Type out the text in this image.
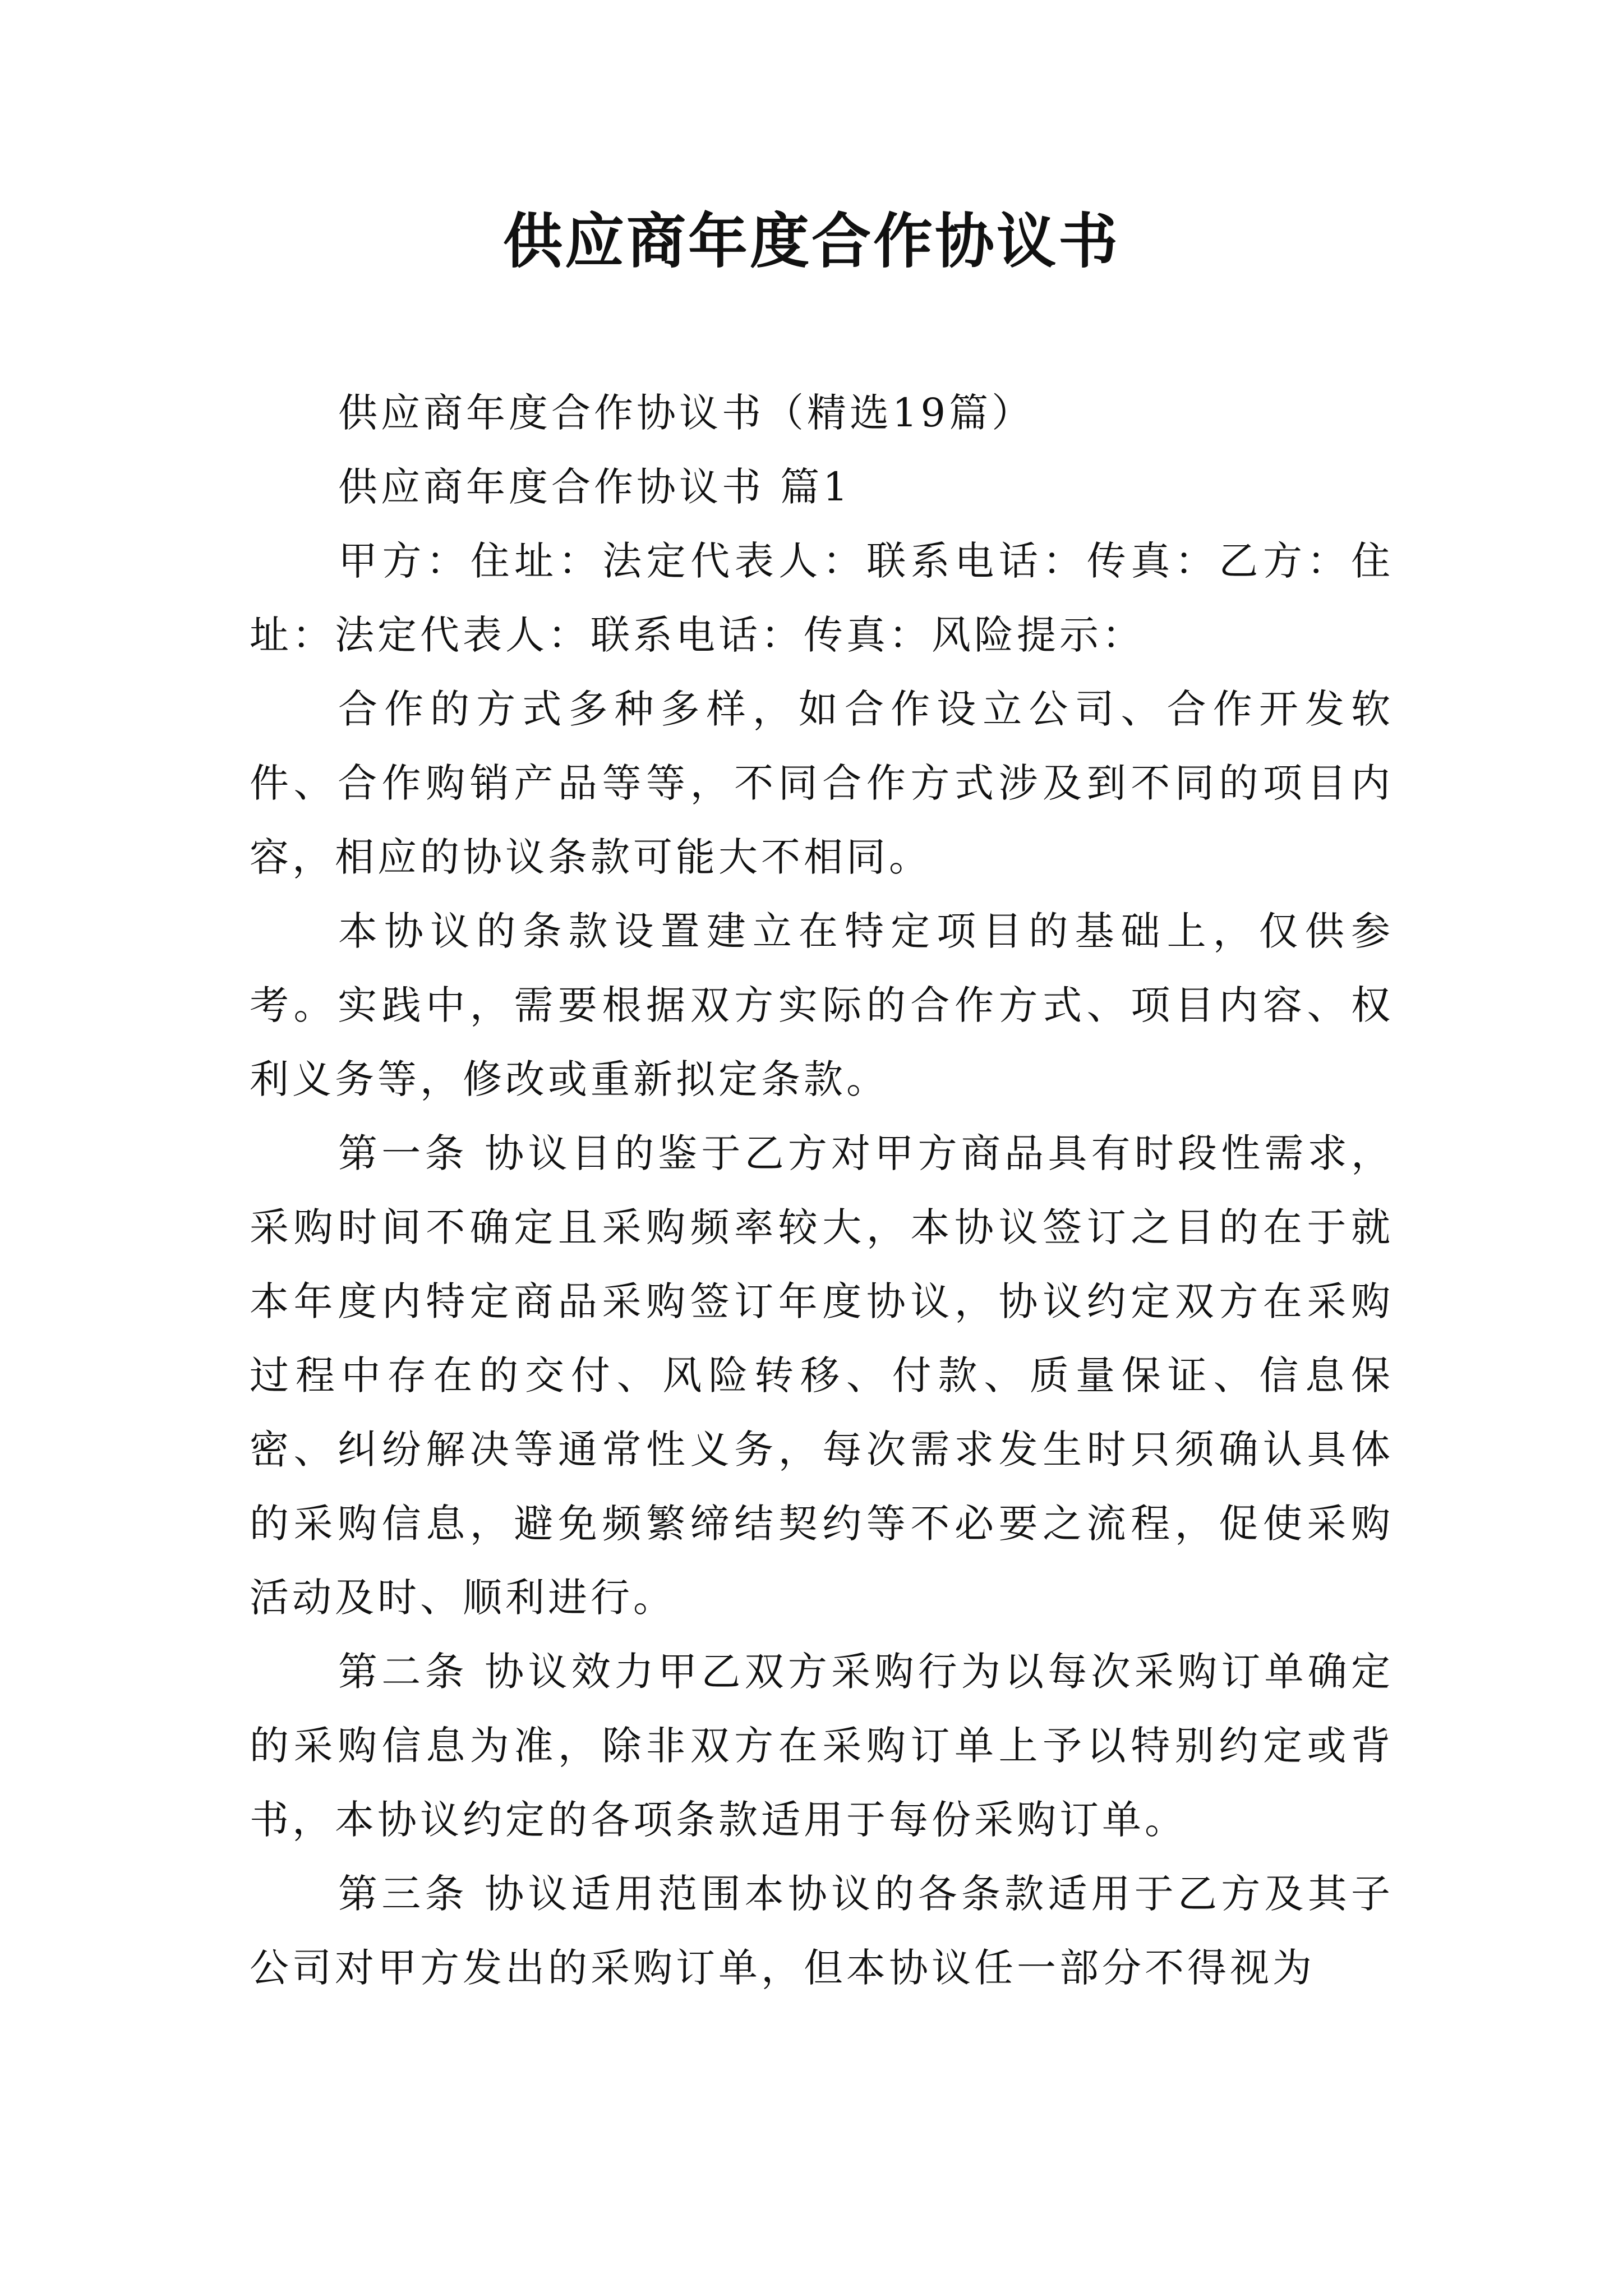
供应商年度合作协议书

供应商年度合作协议书（精选19篇）

供应商年度合作协议书 篇1

甲方：住址：法定代表人：联系电话：传真：乙方：住址：法定代表人：联系电话：传真：风险提示：

合作的方式多种多样，如合作设立公司、合作开发软件、合作购销产品等等，不同合作方式涉及到不同的项目内容，相应的协议条款可能大不相同。

本协议的条款设置建立在特定项目的基础上，仅供参考。实践中，需要根据双方实际的合作方式、项目内容、权利义务等，修改或重新拟定条款。

第一条 协议目的鉴于乙方对甲方商品具有时段性需求，采购时间不确定且采购频率较大，本协议签订之目的在于就本年度内特定商品采购签订年度协议，协议约定双方在采购过程中存在的交付、风险转移、付款、质量保证、信息保密、纠纷解决等通常性义务，每次需求发生时只须确认具体的采购信息，避免频繁缔结契约等不必要之流程，促使采购活动及时、顺利进行。

第二条 协议效力甲乙双方采购行为以每次采购订单确定的采购信息为准，除非双方在采购订单上予以特别约定或背书，本协议约定的各项条款适用于每份采购订单。

第三条 协议适用范围本协议的各条款适用于乙方及其子公司对甲方发出的采购订单，但本协议任一部分不得视为
